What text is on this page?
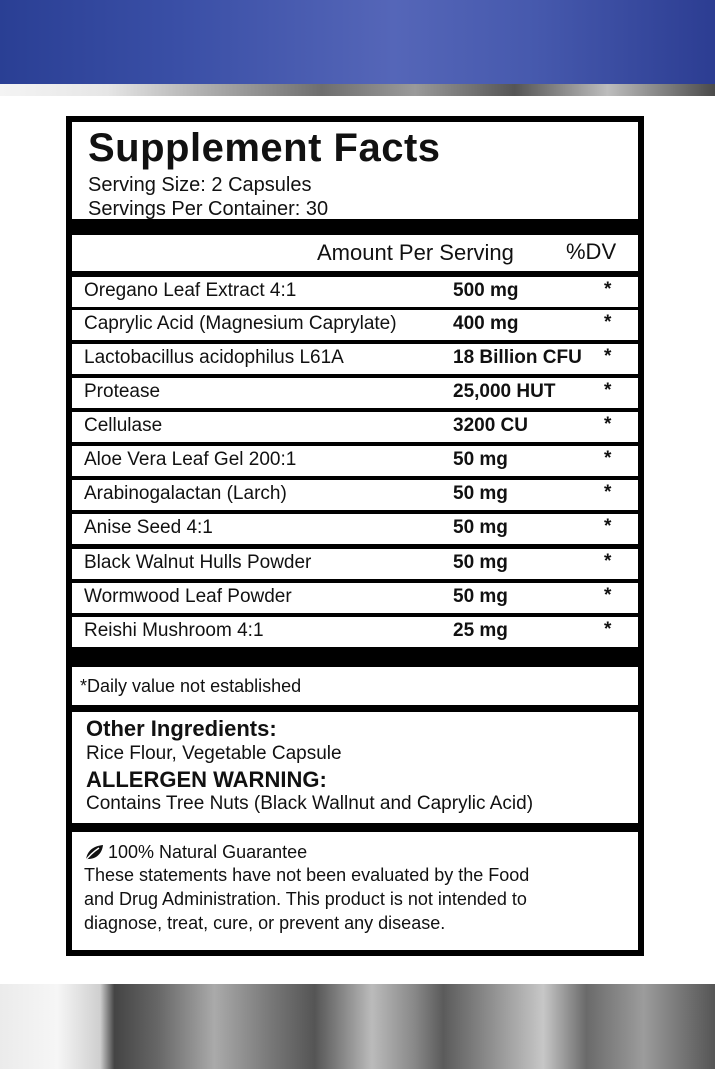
Supplement Facts
Serving Size: 2 Capsules
Servings Per Container: 30
Amount Per Serving %DV
Oregano Leaf Extract 4:1	500 mg	*
Caprylic Acid (Magnesium Caprylate)	400 mg	*
Lactobacillus acidophilus L61A	18 Billion CFU *
Protease	25,000 HUT	*
Cellulase	3200 CU	*
Aloe Vera Leaf Gel 200:1	50 mg	*
Arabinogalactan (Larch)	50 mg	*
Anise Seed 4:1	50 mg	*
Black Walnut Hulls Powder	50 mg	*
Wormwood Leaf Powder	50 mg	*
Reishi Mushroom 4:1	25 mg	*
*Daily value not established
Other Ingredients:
Rice Flour, Vegetable Capsule
ALLERGEN WARNING:
Contains Tree Nuts (Black Wallnut and Caprylic Acid)
100% Natural Guarantee
These statements have not been evaluated by the Food
and Drug Administration. This product is not intended to
diagnose, treat, cure, or prevent any disease.
